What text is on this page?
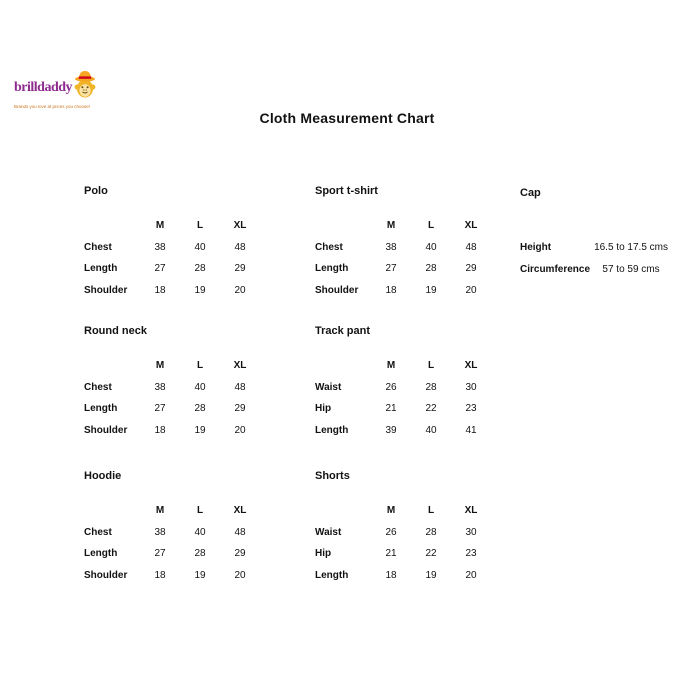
brilldaddy
Brands you love at prices you choose!
Cloth Measurement Chart
Polo
	M	L	XL
Chest	38	40	48
Length	27	28	29
Shoulder	18	19	20
Sport t-shirt
	M	L	XL
Chest	38	40	48
Length	27	28	29
Shoulder	18	19	20
Cap
Height	16.5 to 17.5 cms
Circumference	57 to 59 cms
Round neck
	M	L	XL
Chest	38	40	48
Length	27	28	29
Shoulder	18	19	20
Track pant
	M	L	XL
Waist	26	28	30
Hip	21	22	23
Length	39	40	41
Hoodie
	M	L	XL
Chest	38	40	48
Length	27	28	29
Shoulder	18	19	20
Shorts
	M	L	XL
Waist	26	28	30
Hip	21	22	23
Length	18	19	20
